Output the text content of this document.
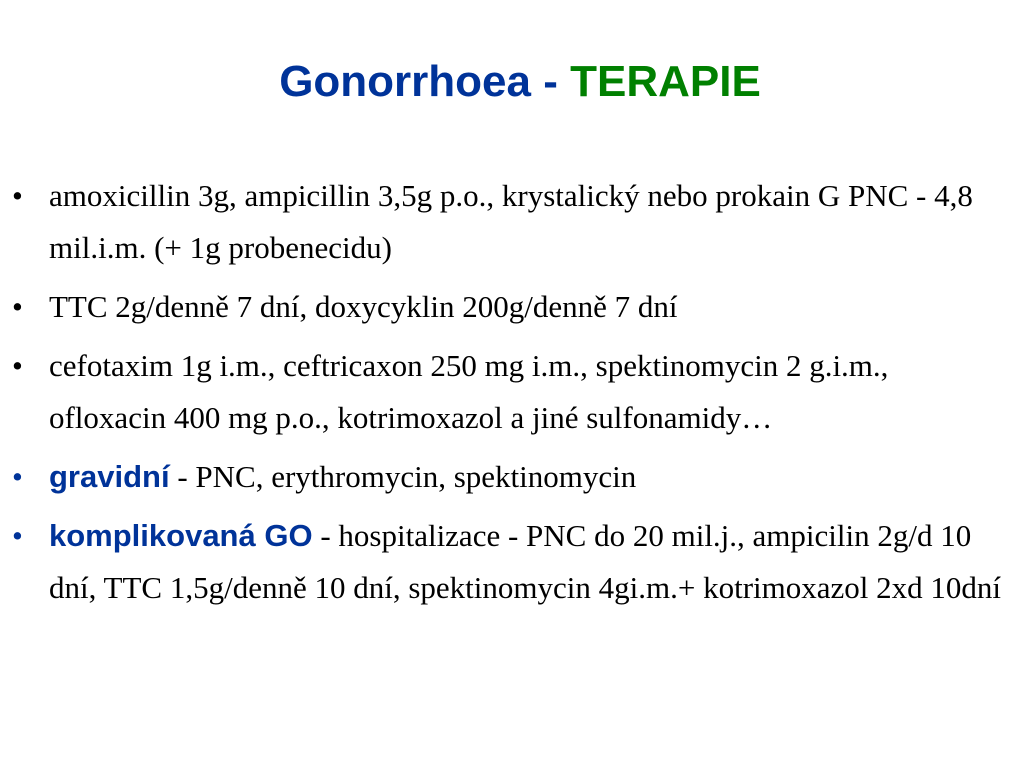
Gonorrhoea - TERAPIE
• amoxicillin 3g, ampicillin 3,5g p.o., krystalický nebo prokain G PNC - 4,8 mil.i.m. (+ 1g probenecidu)
• TTC 2g/denně 7 dní, doxycyklin 200g/denně 7 dní
• cefotaxim 1g i.m., ceftricaxon 250 mg i.m., spektinomycin 2 g.i.m., ofloxacin 400 mg p.o., kotrimoxazol a jiné sulfonamidy…
• gravidní - PNC, erythromycin, spektinomycin
• komplikovaná GO - hospitalizace - PNC do 20 mil.j., ampicilin 2g/d 10 dní, TTC 1,5g/denně 10 dní, spektinomycin 4gi.m.+ kotrimoxazol 2xd 10dní
